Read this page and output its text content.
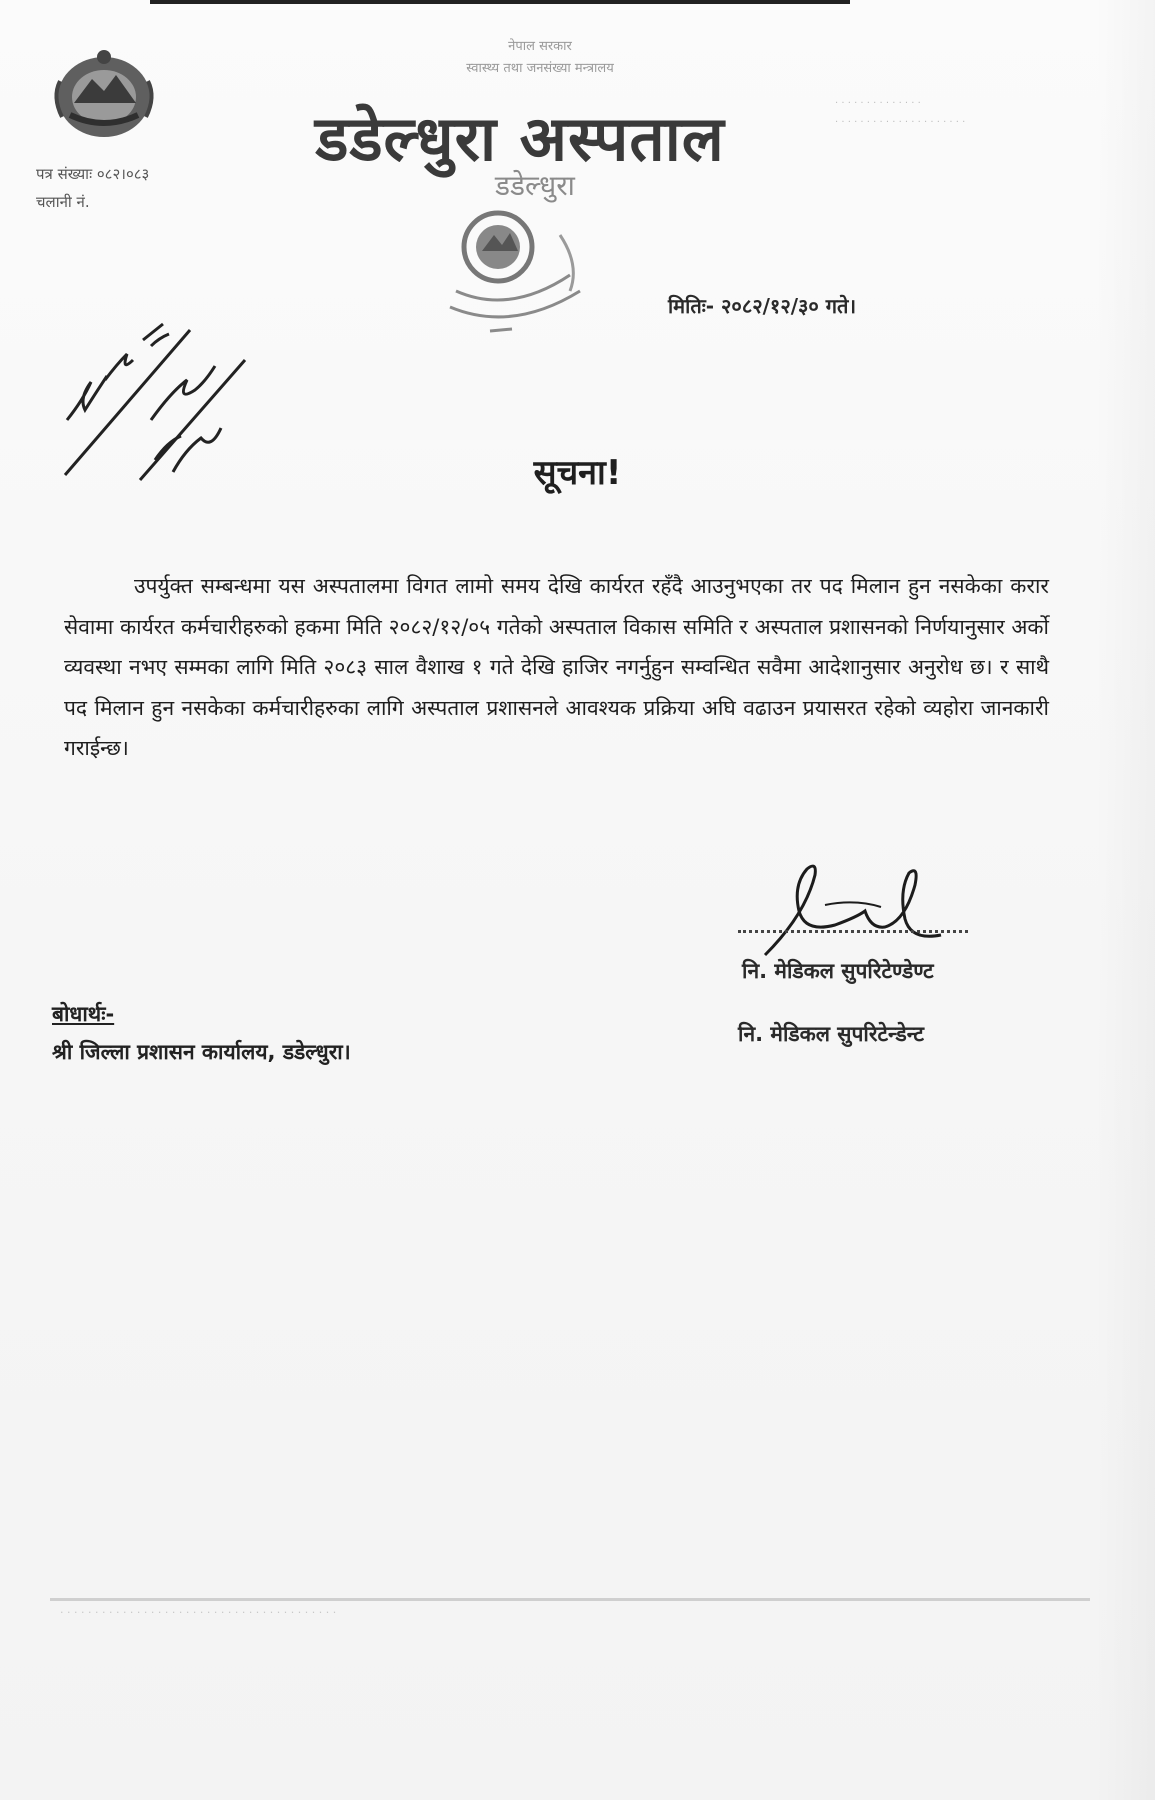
नेपाल सरकार
स्वास्थ्य तथा जनसंख्या मन्त्रालय
· · · · · · · · · · · · · ·
· · · · · · · · · · · · · · · · · · · · ·
डडेल्धुरा अस्पताल
डडेल्धुरा
पत्र संख्याः ०८२।०८३
चलानी नं.
मितिः- २०८२/१२/३० गते।
सूचना!
उपर्युक्त सम्बन्धमा यस अस्पतालमा विगत लामो समय देखि कार्यरत रहँदै आउनुभएका तर पद मिलान हुन नसकेका करार सेवामा कार्यरत कर्मचारीहरुको हकमा मिति २०८२/१२/०५ गतेको अस्पताल विकास समिति र अस्पताल प्रशासनको निर्णयानुसार अर्को व्यवस्था नभए सम्मका लागि मिति २०८३ साल वैशाख १ गते देखि हाजिर नगर्नुहुन सम्वन्धित सवैमा आदेशानुसार अनुरोध छ। र साथै पद मिलान हुन नसकेका कर्मचारीहरुका लागि अस्पताल प्रशासनले आवश्यक प्रक्रिया अघि वढाउन प्रयासरत रहेको व्यहोरा जानकारी गराईन्छ।
नि. मेडिकल सुपरिटेण्डेण्ट
नि. मेडिकल सुपरिटेन्डेन्ट
बोधार्थः-
श्री जिल्ला प्रशासन कार्यालय, डडेल्धुरा।
· · · · · · · · · · · · · · · · · · · · · · · · · · · · · · · · · · · · · · · ·
